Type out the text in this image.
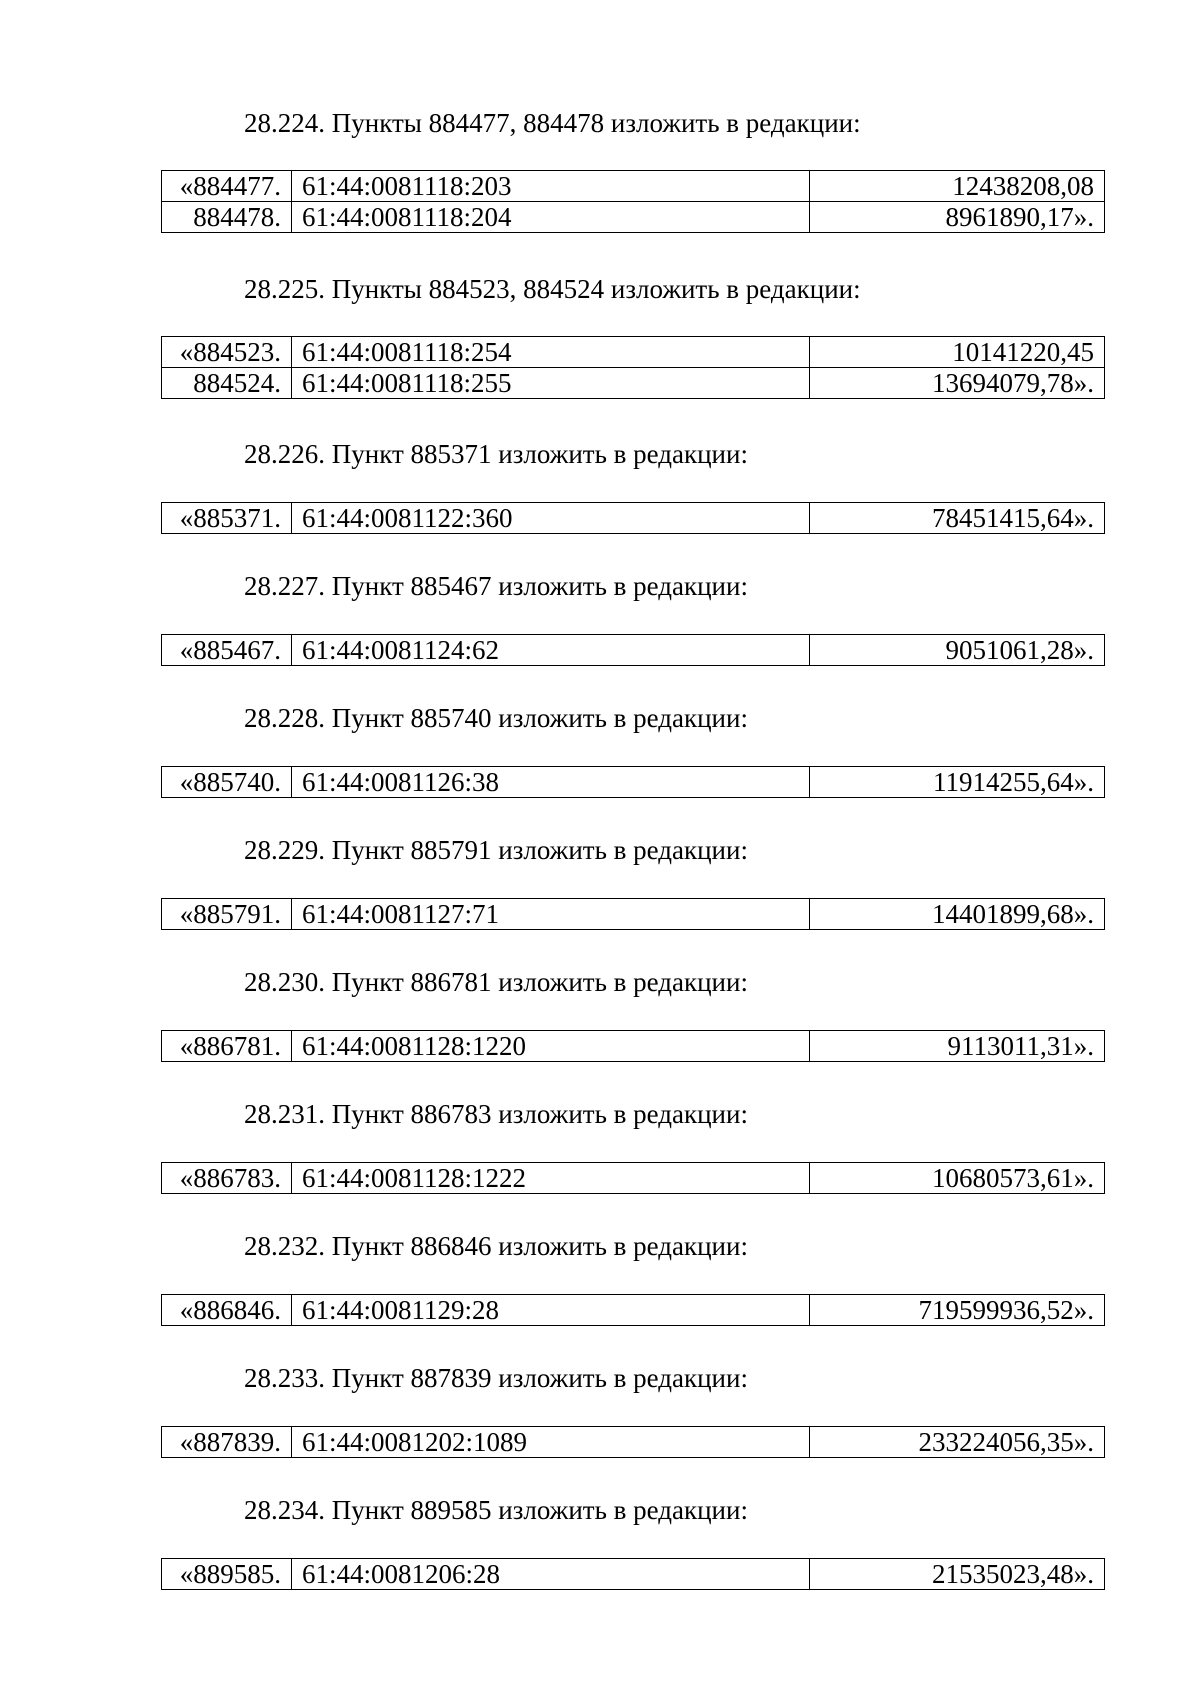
28.224. Пункты 884477, 884478 изложить в редакции:
«884477.	61:44:0081118:203	12438208,08
884478.	61:44:0081118:204	8961890,17».
28.225. Пункты 884523, 884524 изложить в редакции:
«884523.	61:44:0081118:254	10141220,45
884524.	61:44:0081118:255	13694079,78».
28.226. Пункт 885371 изложить в редакции:
«885371.	61:44:0081122:360	78451415,64».
28.227. Пункт 885467 изложить в редакции:
«885467.	61:44:0081124:62	9051061,28».
28.228. Пункт 885740 изложить в редакции:
«885740.	61:44:0081126:38	11914255,64».
28.229. Пункт 885791 изложить в редакции:
«885791.	61:44:0081127:71	14401899,68».
28.230. Пункт 886781 изложить в редакции:
«886781.	61:44:0081128:1220	9113011,31».
28.231. Пункт 886783 изложить в редакции:
«886783.	61:44:0081128:1222	10680573,61».
28.232. Пункт 886846 изложить в редакции:
«886846.	61:44:0081129:28	719599936,52».
28.233. Пункт 887839 изложить в редакции:
«887839.	61:44:0081202:1089	233224056,35».
28.234. Пункт 889585 изложить в редакции:
«889585.	61:44:0081206:28	21535023,48».
